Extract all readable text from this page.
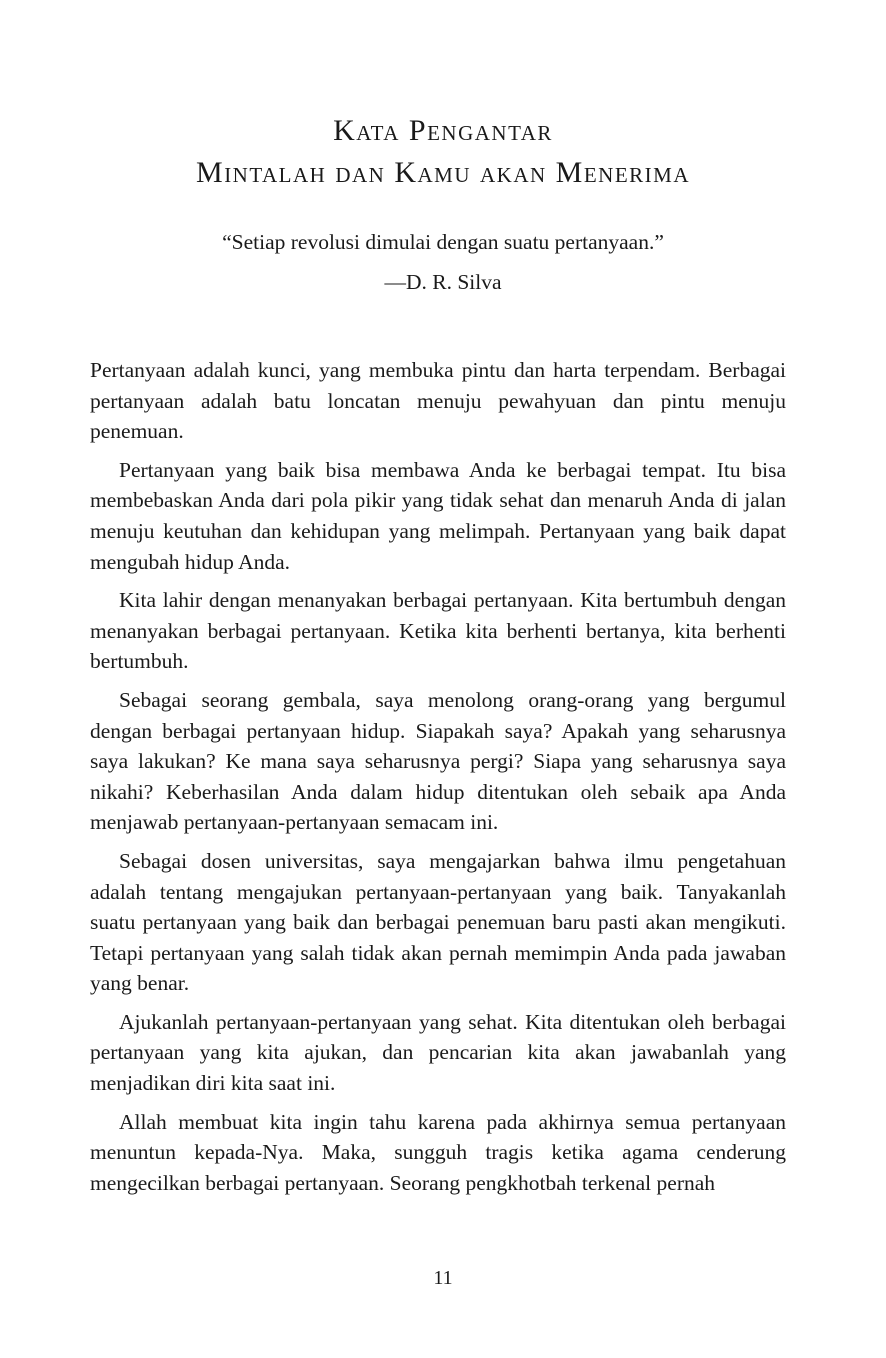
Kata Pengantar
Mintalah dan Kamu akan Menerima

“Setiap revolusi dimulai dengan suatu pertanyaan.”

—D. R. Silva

Pertanyaan adalah kunci, yang membuka pintu dan harta terpendam. Berbagai pertanyaan adalah batu loncatan menuju pewahyuan dan pintu menuju penemuan.

Pertanyaan yang baik bisa membawa Anda ke berbagai tempat. Itu bisa membebaskan Anda dari pola pikir yang tidak sehat dan menaruh Anda di jalan menuju keutuhan dan kehidupan yang melimpah. Pertanyaan yang baik dapat mengubah hidup Anda.

Kita lahir dengan menanyakan berbagai pertanyaan. Kita bertumbuh dengan menanyakan berbagai pertanyaan. Ketika kita berhenti bertanya, kita berhenti bertumbuh.

Sebagai seorang gembala, saya menolong orang-orang yang bergumul dengan berbagai pertanyaan hidup. Siapakah saya? Apakah yang seharusnya saya lakukan? Ke mana saya seharusnya pergi? Siapa yang seharusnya saya nikahi? Keberhasilan Anda dalam hidup ditentukan oleh sebaik apa Anda menjawab pertanyaan-pertanyaan semacam ini.

Sebagai dosen universitas, saya mengajarkan bahwa ilmu pengetahuan adalah tentang mengajukan pertanyaan-pertanyaan yang baik. Tanyakanlah suatu pertanyaan yang baik dan berbagai penemuan baru pasti akan mengikuti. Tetapi pertanyaan yang salah tidak akan pernah memimpin Anda pada jawaban yang benar.

Ajukanlah pertanyaan-pertanyaan yang sehat. Kita ditentukan oleh berbagai pertanyaan yang kita ajukan, dan pencarian kita akan jawabanlah yang menjadikan diri kita saat ini.

Allah membuat kita ingin tahu karena pada akhirnya semua pertanyaan menuntun kepada-Nya. Maka, sungguh tragis ketika agama cenderung mengecilkan berbagai pertanyaan. Seorang pengkhotbah terkenal pernah

11
